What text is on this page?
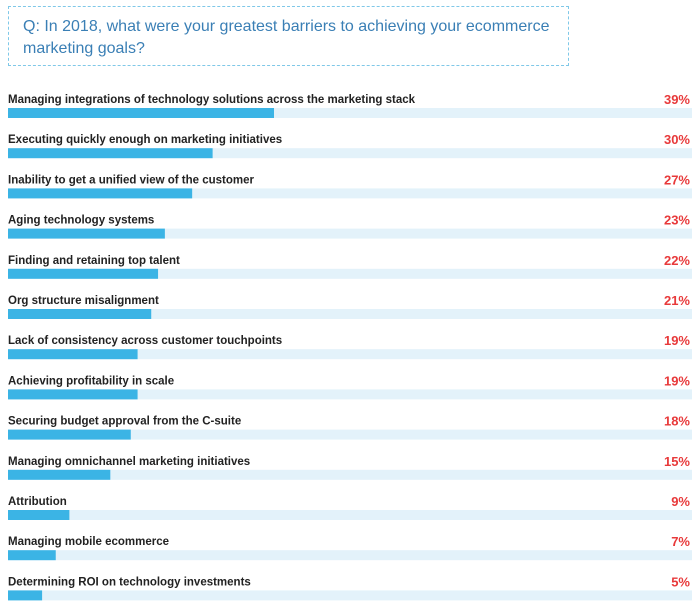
Q: In 2018, what were your greatest barriers to achieving your ecommerce marketing goals?
Managing integrations of technology solutions across the marketing stack	39%
Executing quickly enough on marketing initiatives	30%
Inability to get a unified view of the customer	27%
Aging technology systems	23%
Finding and retaining top talent	22%
Org structure misalignment	21%
Lack of consistency across customer touchpoints	19%
Achieving profitability in scale	19%
Securing budget approval from the C-suite	18%
Managing omnichannel marketing initiatives	15%
Attribution	9%
Managing mobile ecommerce	7%
Determining ROI on technology investments	5%
